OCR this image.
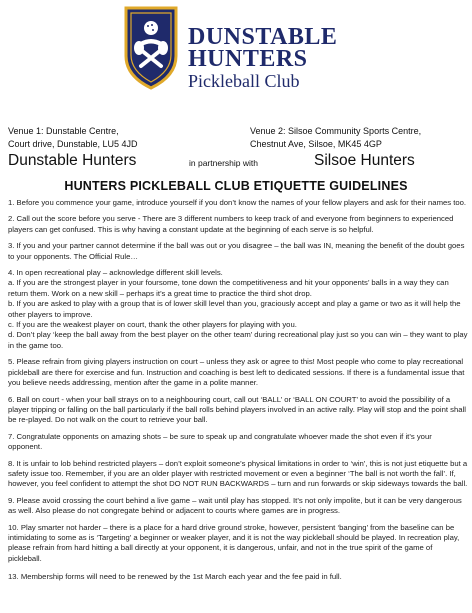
DUNSTABLE
HUNTERS
Pickleball Club
Venue 1: Dunstable Centre,
Court drive, Dunstable, LU5 4JD
Venue 2: Silsoe Community Sports Centre,
Chestnut Ave, Silsoe, MK45 4GP
Dunstable Hunters	in partnership with	Silsoe Hunters
HUNTERS PICKLEBALL CLUB ETIQUETTE GUIDELINES
1. Before you commence your game, introduce yourself if you don’t know the names of your fellow players and ask for their names too.
2. Call out the score before you serve - There are 3 different numbers to keep track of and everyone from beginners to experienced players can get confused. This is why having a constant update at the beginning of each serve is so helpful.
3. If you and your partner cannot determine if the ball was out or you disagree – the ball was IN, meaning the benefit of the doubt goes to your opponents. The Official Rule…

4. In open recreational play – acknowledge different skill levels.

a. If you are the strongest player in your foursome, tone down the competitiveness and hit your opponents’ balls in a way they can return them. Work on a new skill – perhaps it’s a great time to practice the third shot drop.

b. If you are asked to play with a group that is of lower skill level than you, graciously accept and play a game or two as it will help the other players to improve.

c. If you are the weakest player on court, thank the other players for playing with you.

d. Don’t play ‘keep the ball away from the best player on the other team’ during recreational play just so you can win – they want to play in the game too.

5. Please refrain from giving players instruction on court – unless they ask or agree to this! Most people who come to play recreational pickleball are there for exercise and fun. Instruction and coaching is best left to dedicated sessions. If there is a fundamental issue that you believe needs addressing, mention after the game in a polite manner.
6. Ball on court - when your ball strays on to a neighbouring court, call out ‘BALL’ or ‘BALL ON COURT’ to avoid the possibility of a player tripping or falling on the ball particularly if the ball rolls behind players involved in an active rally. Play will stop and the point shall be re-played. Do not walk on the court to retrieve your ball.
7. Congratulate opponents on amazing shots – be sure to speak up and congratulate whoever made the shot even if it’s your opponent.
8. It is unfair to lob behind restricted players – don’t exploit someone’s physical limitations in order to ‘win’, this is not just etiquette but a safety issue too. Remember, if you are an older player with restricted movement or even a beginner ‘The ball is not worth the fall’. If, however, you feel confident to attempt the shot DO NOT RUN BACKWARDS – turn and run forwards or skip sideways towards the ball.
9. Please avoid crossing the court behind a live game – wait until play has stopped. It’s not only impolite, but it can be very dangerous as well. Also please do not congregate behind or adjacent to courts where games are in progress.
10. Play smarter not harder – there is a place for a hard drive ground stroke, however, persistent ‘banging’ from the baseline can be intimidating to some as is ‘Targeting’ a beginner or weaker player, and it is not the way pickleball should be played. In recreation play, please refrain from hard hitting a ball directly at your opponent, it is dangerous, unfair, and not in the true spirit of the game of pickleball.
13. Membership forms will need to be renewed by the 1st March each year and the fee paid in full.
